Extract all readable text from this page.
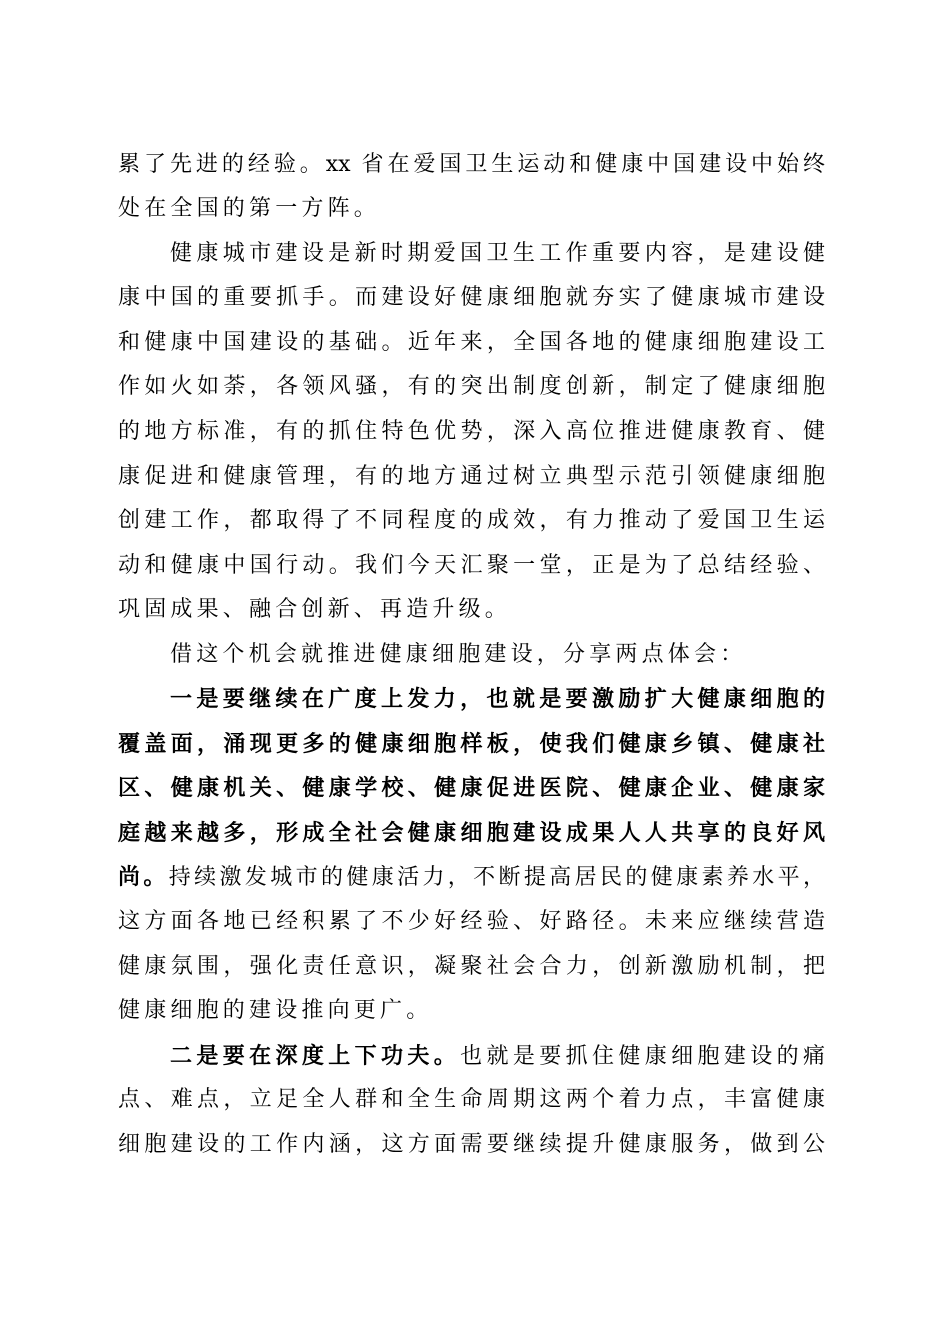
累了先进的经验。xx 省在爱国卫生运动和健康中国建设中始终
处在全国的第一方阵。
健康城市建设是新时期爱国卫生工作重要内容，是建设健
康中国的重要抓手。而建设好健康细胞就夯实了健康城市建设
和健康中国建设的基础。近年来，全国各地的健康细胞建设工
作如火如荼，各领风骚，有的突出制度创新，制定了健康细胞
的地方标准，有的抓住特色优势，深入高位推进健康教育、健
康促进和健康管理，有的地方通过树立典型示范引领健康细胞
创建工作，都取得了不同程度的成效，有力推动了爱国卫生运
动和健康中国行动。我们今天汇聚一堂，正是为了总结经验、
巩固成果、融合创新、再造升级。
借这个机会就推进健康细胞建设，分享两点体会：
一是要继续在广度上发力，也就是要激励扩大健康细胞的
覆盖面，涌现更多的健康细胞样板，使我们健康乡镇、健康社
区、健康机关、健康学校、健康促进医院、健康企业、健康家
庭越来越多，形成全社会健康细胞建设成果人人共享的良好风
尚。持续激发城市的健康活力，不断提高居民的健康素养水平，
这方面各地已经积累了不少好经验、好路径。未来应继续营造
健康氛围，强化责任意识，凝聚社会合力，创新激励机制，把
健康细胞的建设推向更广。
二是要在深度上下功夫。也就是要抓住健康细胞建设的痛
点、难点，立足全人群和全生命周期这两个着力点，丰富健康
细胞建设的工作内涵，这方面需要继续提升健康服务，做到公
